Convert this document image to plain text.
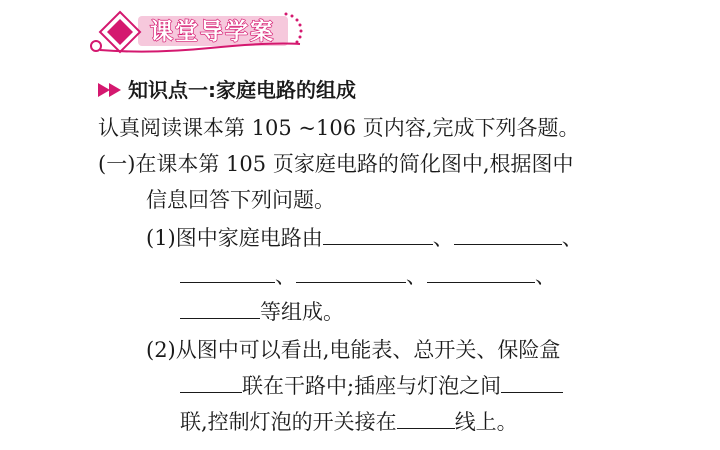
课堂导学案
知识点一:家庭电路的组成
认真阅读课本第 105 ~106 页内容,完成下列各题。
(一)在课本第 105 页家庭电路的简化图中,根据图中
信息回答下列问题。
(1)图中家庭电路由	、	、
、	、	、
等组成。
(2)从图中可以看出,电能表、总开关、保险盒
联在干路中;插座与灯泡之间
联,控制灯泡的开关接在	线上。
